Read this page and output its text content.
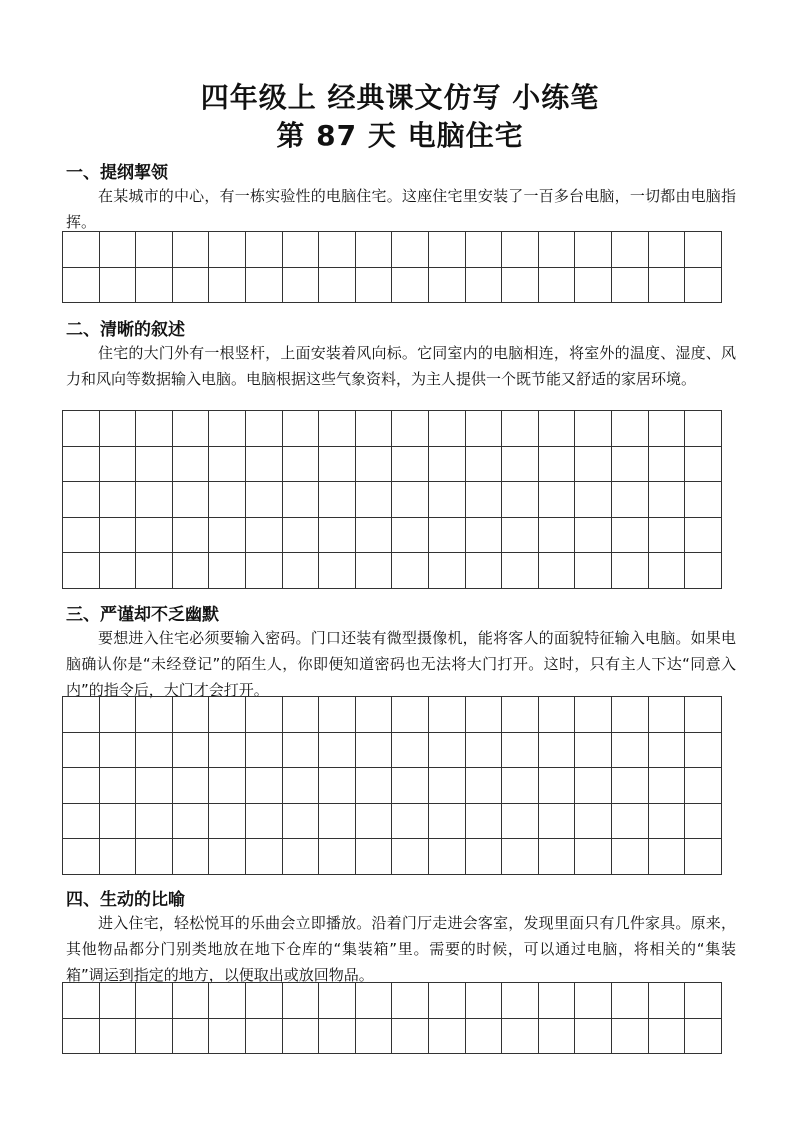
四年级上 经典课文仿写 小练笔
第 87 天 电脑住宅
一、提纲挈领
在某城市的中心，有一栋实验性的电脑住宅。这座住宅里安装了一百多台电脑，一切都由电脑指挥。
二、清晰的叙述
住宅的大门外有一根竖杆，上面安装着风向标。它同室内的电脑相连，将室外的温度、湿度、风力和风向等数据输入电脑。电脑根据这些气象资料，为主人提供一个既节能又舒适的家居环境。
三、严谨却不乏幽默
要想进入住宅必须要输入密码。门口还装有微型摄像机，能将客人的面貌特征输入电脑。如果电脑确认你是“未经登记”的陌生人，你即便知道密码也无法将大门打开。这时，只有主人下达“同意入内”的指令后，大门才会打开。
四、生动的比喻
进入住宅，轻松悦耳的乐曲会立即播放。沿着门厅走进会客室，发现里面只有几件家具。原来，其他物品都分门别类地放在地下仓库的“集装箱”里。需要的时候，可以通过电脑，将相关的“集装箱”调运到指定的地方，以便取出或放回物品。
